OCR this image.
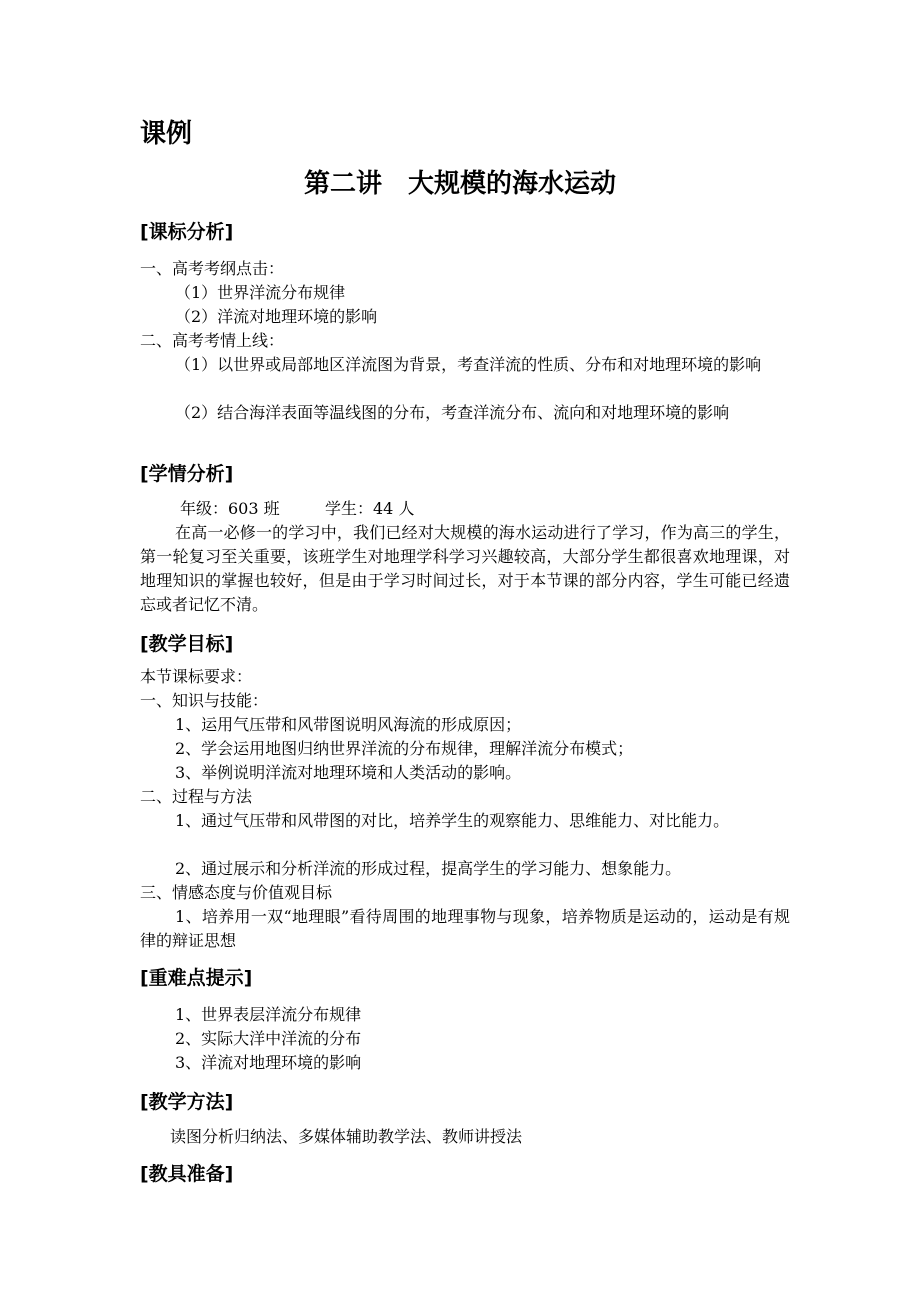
课例
第二讲　大规模的海水运动
[课标分析]
一、高考考纲点击：
（1）世界洋流分布规律
（2）洋流对地理环境的影响
二、高考考情上线：
（1）以世界或局部地区洋流图为背景，考查洋流的性质、分布和对地理环境的影响
（2）结合海洋表面等温线图的分布，考查洋流分布、流向和对地理环境的影响
[学情分析]
年级：603 班	学生：44 人
在高一必修一的学习中，我们已经对大规模的海水运动进行了学习，作为高三的学生，第一轮复习至关重要，该班学生对地理学科学习兴趣较高，大部分学生都很喜欢地理课，对地理知识的掌握也较好，但是由于学习时间过长，对于本节课的部分内容，学生可能已经遗忘或者记忆不清。
[教学目标]
本节课标要求：
一、知识与技能：
1、运用气压带和风带图说明风海流的形成原因；
2、学会运用地图归纳世界洋流的分布规律，理解洋流分布模式；
3、举例说明洋流对地理环境和人类活动的影响。
二、过程与方法
1、通过气压带和风带图的对比，培养学生的观察能力、思维能力、对比能力。
2、通过展示和分析洋流的形成过程，提高学生的学习能力、想象能力。
三、情感态度与价值观目标
1、培养用一双“地理眼”看待周围的地理事物与现象，培养物质是运动的，运动是有规律的辩证思想
[重难点提示]
1、世界表层洋流分布规律
2、实际大洋中洋流的分布
3、洋流对地理环境的影响
[教学方法]
读图分析归纳法、多媒体辅助教学法、教师讲授法
[教具准备]
